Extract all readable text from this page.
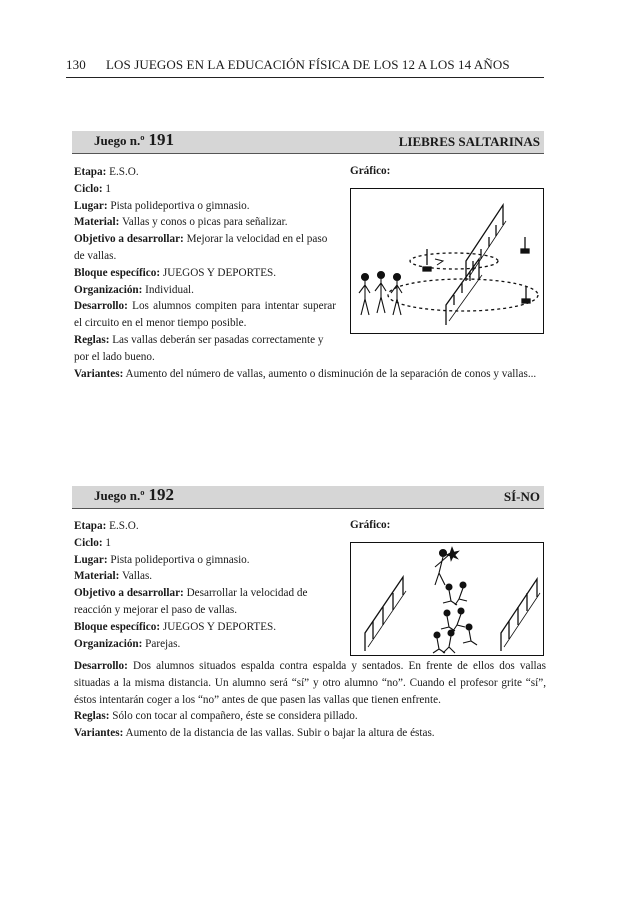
130 LOS JUEGOS EN LA EDUCACIÓN FÍSICA DE LOS 12 A LOS 14 AÑOS
Juego n.º 191	LIEBRES SALTARINAS

Etapa: E.S.O.

Ciclo: 1

Lugar: Pista polideportiva o gimnasio.

Material: Vallas y conos o picas para señalizar.

Objetivo a desarrollar: Mejorar la velocidad en el paso de vallas.

Bloque específico: JUEGOS Y DEPORTES.

Organización: Individual.

Desarrollo: Los alumnos compiten para intentar superar el circuito en el menor tiempo posible.

Reglas: Las vallas deberán ser pasadas correctamente y por el lado bueno.

Variantes: Aumento del número de vallas, aumento o disminución de la separación de conos y vallas...

Gráfico:
Juego n.º 192	SÍ-NO

Etapa: E.S.O.

Ciclo: 1

Lugar: Pista polideportiva o gimnasio.

Material: Vallas.

Objetivo a desarrollar: Desarrollar la velocidad de reacción y mejorar el paso de vallas.

Bloque específico: JUEGOS Y DEPORTES.

Organización: Parejas.

Desarrollo: Dos alumnos situados espalda contra espalda y sentados. En frente de ellos dos vallas situadas a la misma distancia. Un alumno será “sí” y otro alumno “no”. Cuando el profesor grite “sí”, éstos intentarán coger a los “no” antes de que pasen las vallas que tienen enfrente.

Reglas: Sólo con tocar al compañero, éste se considera pillado.

Variantes: Aumento de la distancia de las vallas. Subir o bajar la altura de éstas.

Gráfico:
